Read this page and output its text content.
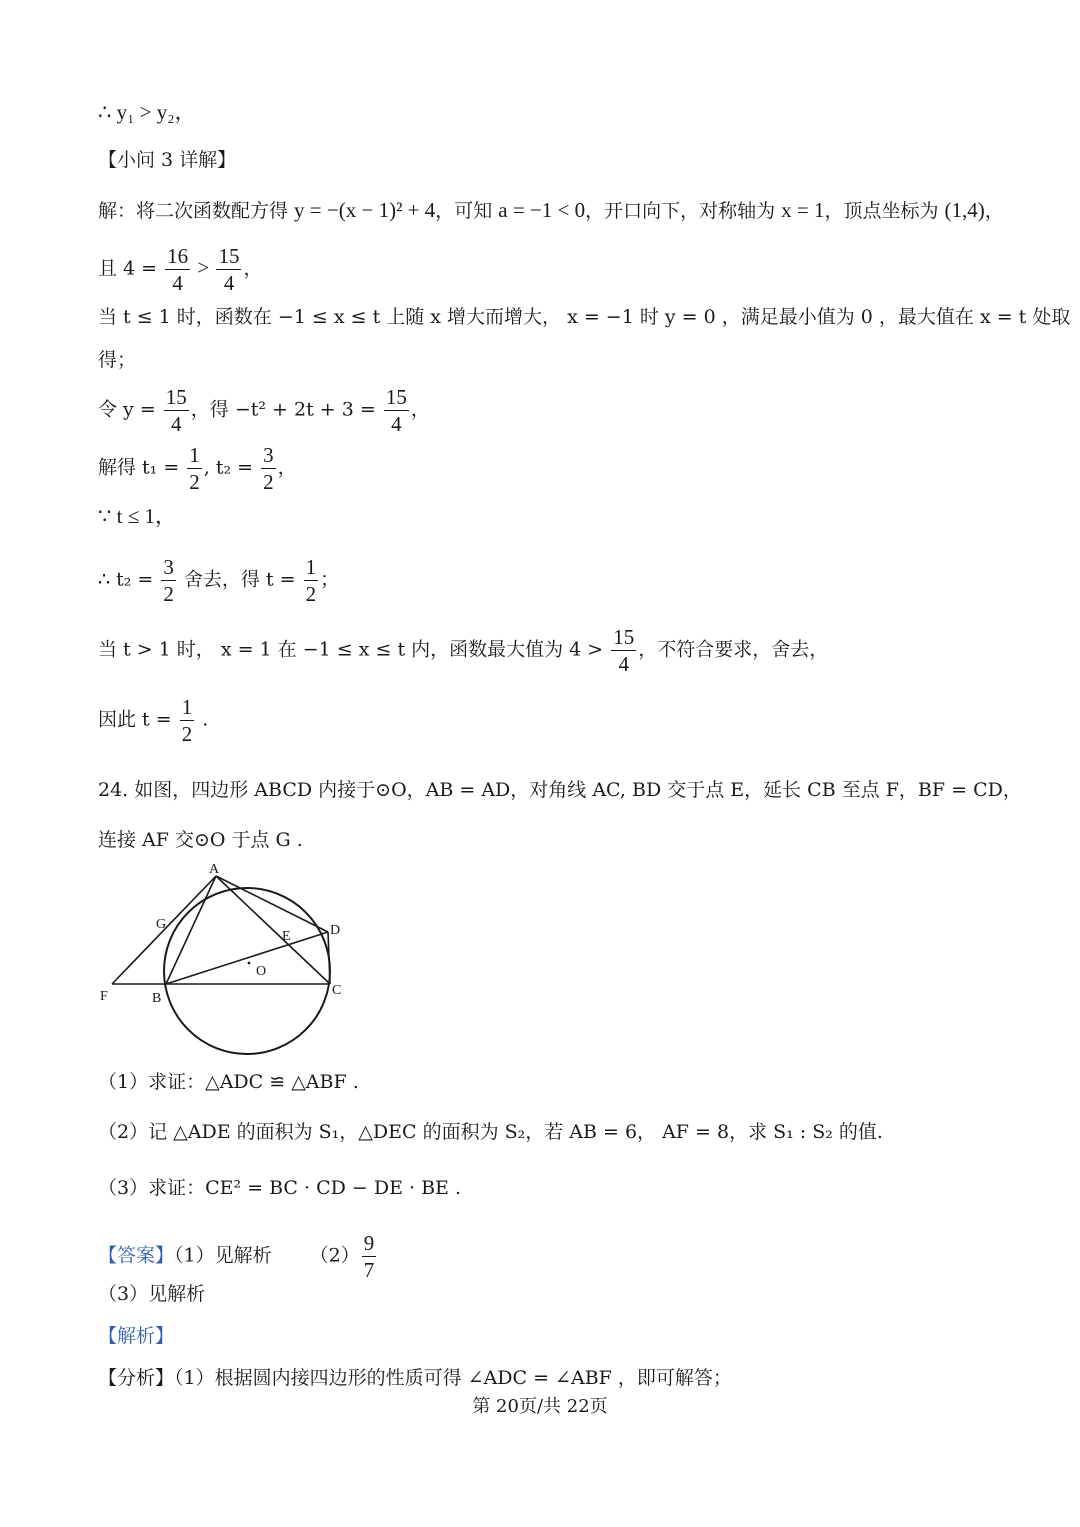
∴ y₁ > y₂，
【小问 3 详解】
解：将二次函数配方得 y = −(x − 1)² + 4，可知 a = −1 < 0，开口向下，对称轴为 x = 1，顶点坐标为 (1,4)，
且 $4 = \frac{16}{4} > \frac{15}{4}$ ，
当 t ≤ 1 时，函数在 −1 ≤ x ≤ t 上随 x 增大而增大， x = −1 时 y = 0 ，满足最小值为 0 ，最大值在 x = t 处取
得；
令 $y = \frac{15}{4}$ ，得 $-t^2 + 2t + 3 = \frac{15}{4}$ ，
解得 $t_1 = \frac{1}{2}$ , $t_2 = \frac{3}{2}$ ，
∵ t ≤ 1，
∴ $t_2 = \frac{3}{2}$ 舍去，得 $t = \frac{1}{2}$ ；
当 t > 1 时， x = 1 在 −1 ≤ x ≤ t 内，函数最大值为 $4 > \frac{15}{4}$ ，不符合要求，舍去，
因此 $t = \frac{1}{2}$ .
24. 如图，四边形 ABCD 内接于⊙O，AB = AD，对角线 AC, BD 交于点 E，延长 CB 至点 F，BF = CD，
连接 AF 交⊙O 于点 G .
A
B
C
D
E
F
G
O
（1）求证：△ADC ≌ △ABF .
（2）记 △ADE 的面积为 S₁，△DEC 的面积为 S₂，若 AB = 6， AF = 8，求 S₁ : S₂ 的值.
（3）求证：CE² = BC · CD − DE · BE .
【答案】（1）见解析 $(2) \frac{9}{7}$
（3）见解析
【解析】
【分析】（1）根据圆内接四边形的性质可得 ∠ADC = ∠ABF ，即可解答；
第 20页/共 22页
